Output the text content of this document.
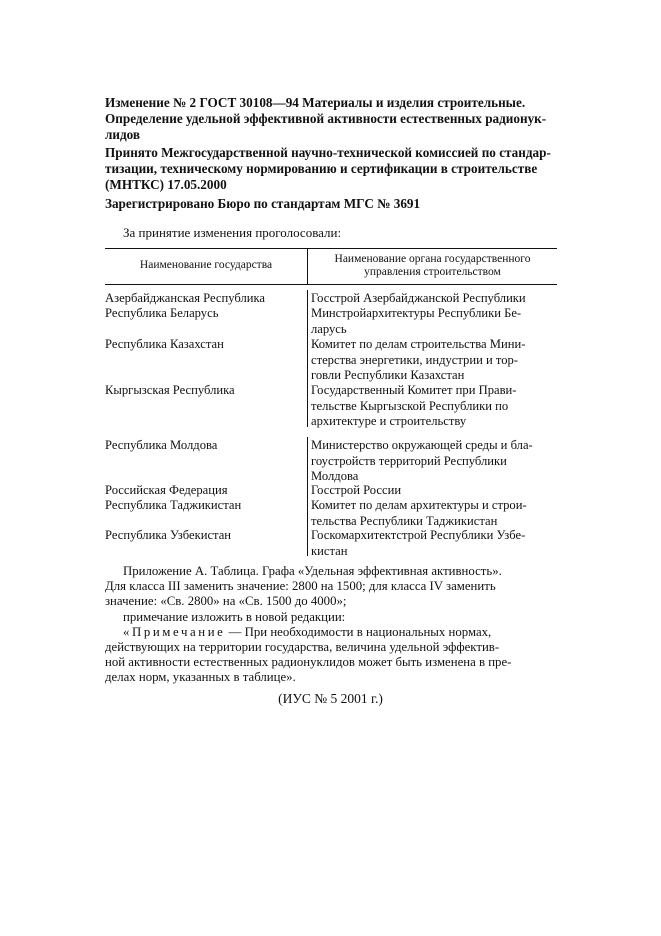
Изменение № 2 ГОСТ 30108—94 Материалы и изделия строительные.
Определение удельной эффективной активности естественных радионук-
лидов
Принято Межгосударственной научно-технической комиссией по стандар-
тизации, техническому нормированию и сертификации в строительстве
(МНТКС) 17.05.2000
Зарегистрировано Бюро по стандартам МГС № 3691
За принятие изменения проголосовали:
Наименование государства	Наименование органа государственного
управления строительством
Азербайджанская Республика	Госстрой Азербайджанской Республики
Республика Беларусь	Минстройархитектуры Республики Бе-
ларусь
Республика Казахстан	Комитет по делам строительства Мини-
стерства энергетики, индустрии и тор-
говли Республики Казахстан
Кыргызская Республика	Государственный Комитет при Прави-
тельстве Кыргызской Республики по
архитектуре и строительству
Республика Молдова	Министерство окружающей среды и бла-
гоустройств территорий Республики
Молдова
Российская Федерация	Госстрой России
Республика Таджикистан	Комитет по делам архитектуры и строи-
тельства Республики Таджикистан
Республика Узбекистан	Госкомархитектстрой Республики Узбе-
кистан
Приложение А. Таблица. Графа «Удельная эффективная активность».
Для класса III заменить значение: 2800 на 1500; для класса IV заменить
значение: «Св. 2800» на «Св. 1500 до 4000»;
примечание изложить в новой редакции:
«Примечание — При необходимости в национальных нормах,
действующих на территории государства, величина удельной эффектив-
ной активности естественных радионуклидов может быть изменена в пре-
делах норм, указанных в таблице».
(ИУС № 5 2001 г.)
